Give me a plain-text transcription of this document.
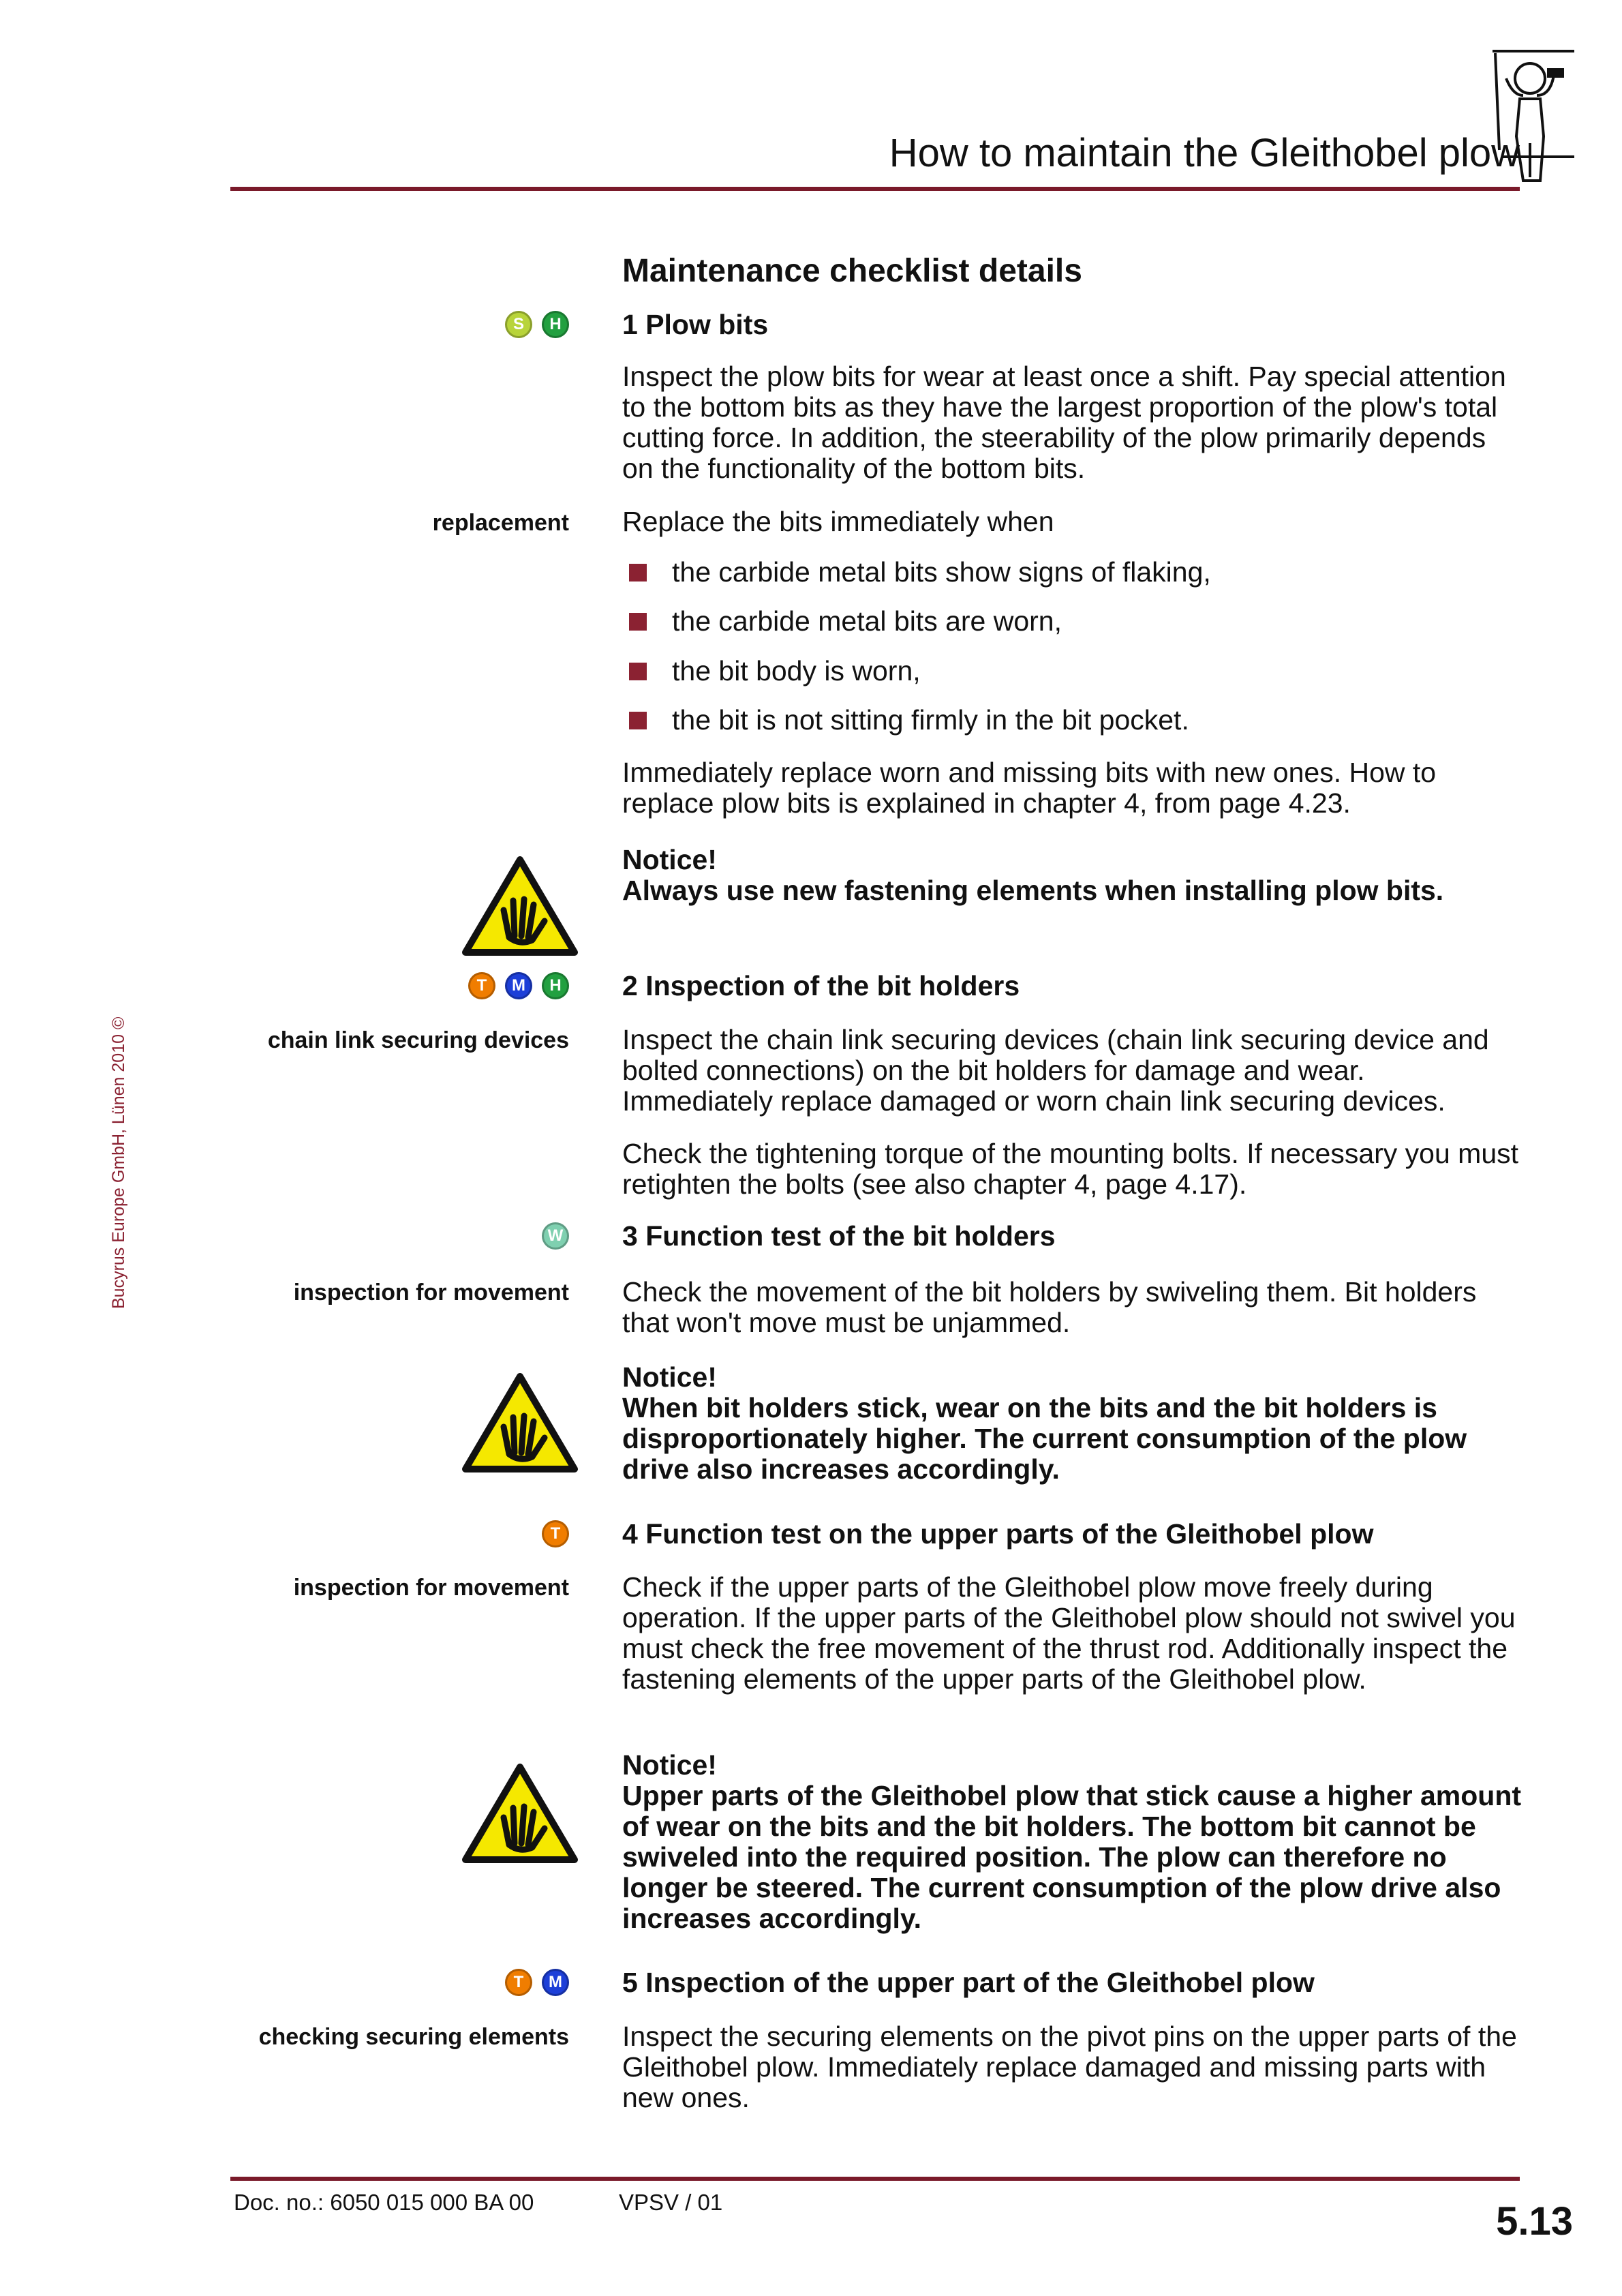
How to maintain the Gleithobel plow
Bucyrus Europe GmbH, Lünen 2010 ©
Maintenance checklist details
S	H 1 Plow bits
Inspect the plow bits for wear at least once a shift. Pay special attention to the bottom bits as they have the largest proportion of the plow's total cutting force. In addition, the steerability of the plow primarily depends on the functionality of the bottom bits.
replacement Replace the bits immediately when
the carbide metal bits show signs of flaking,
the carbide metal bits are worn,
the bit body is worn,
the bit is not sitting firmly in the bit pocket.
Immediately replace worn and missing bits with new ones. How to replace plow bits is explained in chapter 4, from page 4.23.
Notice!
Always use new fastening elements when installing plow bits.
T	M	H 2 Inspection of the bit holders
chain link securing devices Inspect the chain link securing devices (chain link securing device and bolted connections) on the bit holders for damage and wear. Immediately replace damaged or worn chain link securing devices.
Check the tightening torque of the mounting bolts. If necessary you must retighten the bolts (see also chapter 4, page 4.17).
W 3 Function test of the bit holders
inspection for movement Check the movement of the bit holders by swiveling them. Bit holders that won't move must be unjammed.
Notice!
When bit holders stick, wear on the bits and the bit holders is disproportionately higher. The current consumption of the plow drive also increases accordingly.
T	4 Function test on the upper parts of the Gleithobel plow
inspection for movement Check if the upper parts of the Gleithobel plow move freely during operation. If the upper parts of the Gleithobel plow should not swivel you must check the free movement of the thrust rod. Additionally inspect the fastening elements of the upper parts of the Gleithobel plow.
Notice!
Upper parts of the Gleithobel plow that stick cause a higher amount of wear on the bits and the bit holders. The bottom bit cannot be swiveled into the required position. The plow can therefore no longer be steered. The current consumption of the plow drive also increases accordingly.
T	M 5 Inspection of the upper part of the Gleithobel plow
checking securing elements Inspect the securing elements on the pivot pins on the upper parts of the Gleithobel plow. Immediately replace damaged and missing parts with new ones.
Doc. no.: 6050 015 000 BA 00	VPSV / 01	5.13
